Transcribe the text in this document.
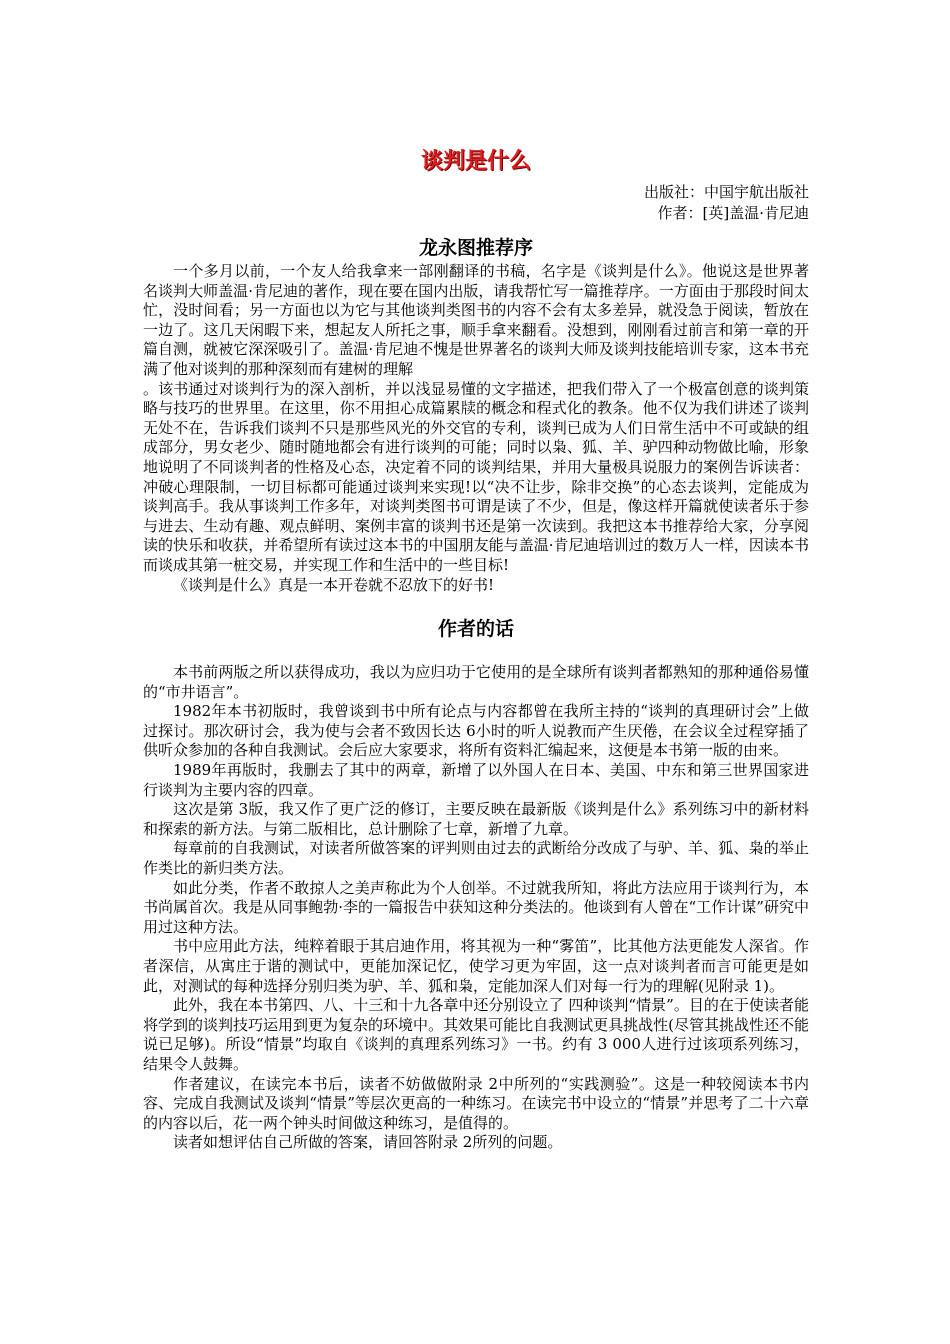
谈判是什么
出版社：中国宇航出版社
作者：[英]盖温·肯尼迪
龙永图推荐序

一个多月以前，一个友人给我拿来一部刚翻译的书稿，名字是《谈判是什么》。他说这是世界著名谈判大师盖温·肯尼迪的著作，现在要在国内出版，请我帮忙写一篇推荐序。一方面由于那段时间太忙，没时间看；另一方面也以为它与其他谈判类图书的内容不会有太多差异，就没急于阅读，暂放在一边了。这几天闲暇下来，想起友人所托之事，顺手拿来翻看。没想到，刚刚看过前言和第一章的开篇自测，就被它深深吸引了。盖温·肯尼迪不愧是世界著名的谈判大师及谈判技能培训专家，这本书充满了他对谈判的那种深刻而有建树的理解

。该书通过对谈判行为的深入剖析，并以浅显易懂的文字描述，把我们带入了一个极富创意的谈判策略与技巧的世界里。在这里，你不用担心成篇累牍的概念和程式化的教条。他不仅为我们讲述了谈判无处不在，告诉我们谈判不只是那些风光的外交官的专利，谈判已成为人们日常生活中不可或缺的组成部分，男女老少、随时随地都会有进行谈判的可能；同时以枭、狐、羊、驴四种动物做比喻，形象地说明了不同谈判者的性格及心态，决定着不同的谈判结果，并用大量极具说服力的案例告诉读者：冲破心理限制，一切目标都可能通过谈判来实现!以“决不让步，除非交换”的心态去谈判，定能成为谈判高手。我从事谈判工作多年，对谈判类图书可谓是读了不少，但是，像这样开篇就使读者乐于参与进去、生动有趣、观点鲜明、案例丰富的谈判书还是第一次读到。我把这本书推荐给大家，分享阅读的快乐和收获，并希望所有读过这本书的中国朋友能与盖温·肯尼迪培训过的数万人一样，因读本书而谈成其第一桩交易，并实现工作和生活中的一些目标!

《谈判是什么》真是一本开卷就不忍放下的好书!

作者的话

本书前两版之所以获得成功，我以为应归功于它使用的是全球所有谈判者都熟知的那种通俗易懂的“市井语言”。

1982年本书初版时，我曾谈到书中所有论点与内容都曾在我所主持的“谈判的真理研讨会”上做过探讨。那次研讨会，我为使与会者不致因长达 6小时的听人说教而产生厌倦，在会议全过程穿插了供听众参加的各种自我测试。会后应大家要求，将所有资料汇编起来，这便是本书第一版的由来。

1989年再版时，我删去了其中的两章，新增了以外国人在日本、美国、中东和第三世界国家进行谈判为主要内容的四章。

这次是第 3版，我又作了更广泛的修订，主要反映在最新版《谈判是什么》系列练习中的新材料和探索的新方法。与第二版相比，总计删除了七章，新增了九章。

每章前的自我测试，对读者所做答案的评判则由过去的武断给分改成了与驴、羊、狐、枭的举止作类比的新归类方法。

如此分类，作者不敢掠人之美声称此为个人创举。不过就我所知，将此方法应用于谈判行为，本书尚属首次。我是从同事鲍勃·李的一篇报告中获知这种分类法的。他谈到有人曾在“工作计谋”研究中用过这种方法。

书中应用此方法，纯粹着眼于其启迪作用，将其视为一种“雾笛”，比其他方法更能发人深省。作者深信，从寓庄于谐的测试中，更能加深记忆，使学习更为牢固，这一点对谈判者而言可能更是如此，对测试的每种选择分别归类为驴、羊、狐和枭，定能加深人们对每一行为的理解(见附录 1)。

此外，我在本书第四、八、十三和十九各章中还分别设立了 四种谈判“情景”。目的在于使读者能将学到的谈判技巧运用到更为复杂的环境中。其效果可能比自我测试更具挑战性(尽管其挑战性还不能说已足够)。所设“情景”均取自《谈判的真理系列练习》一书。约有 3 000人进行过该项系列练习，结果令人鼓舞。

作者建议，在读完本书后，读者不妨做做附录 2中所列的“实践测验”。这是一种较阅读本书内容、完成自我测试及谈判“情景”等层次更高的一种练习。在读完书中设立的“情景”并思考了二十六章的内容以后，花一两个钟头时间做这种练习，是值得的。

读者如想评估自己所做的答案，请回答附录 2所列的问题。
